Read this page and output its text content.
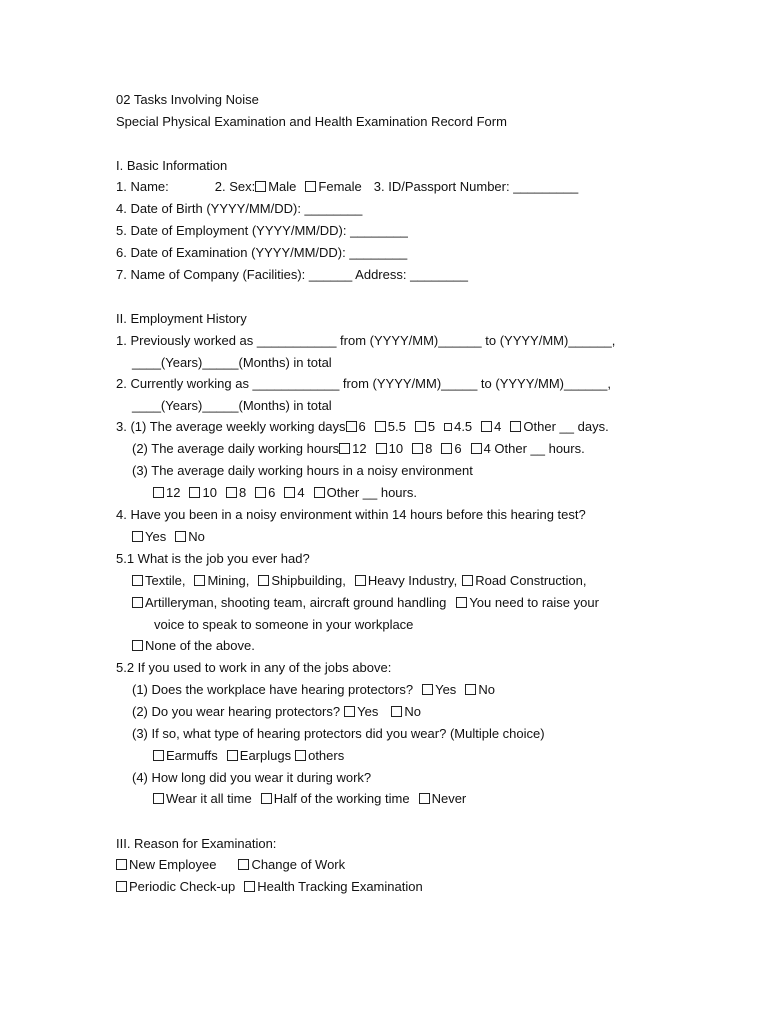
02 Tasks Involving Noise
Special Physical Examination and Health Examination Record Form
I. Basic Information
1. Name:	2. Sex: Male Female 3. ID/Passport Number: _________
4. Date of Birth (YYYY/MM/DD): ________
5. Date of Employment (YYYY/MM/DD): ________
6. Date of Examination (YYYY/MM/DD): ________
7. Name of Company (Facilities): ______ Address: ________
II. Employment History
1. Previously worked as ___________ from (YYYY/MM)______ to (YYYY/MM)______,
____(Years)_____(Months) in total
2. Currently working as ____________ from (YYYY/MM)_____ to (YYYY/MM)______,
____(Years)_____(Months) in total
3. (1) The average weekly working days 6 5.5 5 4.5 4 Other __ days.
(2) The average daily working hours 12 10 8 6 4 Other __ hours.
(3) The average daily working hours in a noisy environment
12 10 8 6 4 Other __ hours.
4. Have you been in a noisy environment within 14 hours before this hearing test?
Yes No
5.1 What is the job you ever had?
Textile, Mining, Shipbuilding, Heavy Industry, Road Construction,
Artilleryman, shooting team, aircraft ground handling You need to raise your
voice to speak to someone in your workplace
None of the above.
5.2 If you used to work in any of the jobs above:
(1) Does the workplace have hearing protectors? Yes No
(2) Do you wear hearing protectors? Yes No
(3) If so, what type of hearing protectors did you wear? (Multiple choice)
Earmuffs Earplugs others
(4) How long did you wear it during work?
Wear it all time Half of the working time Never
III. Reason for Examination:
New Employee	Change of Work
Periodic Check-up Health Tracking Examination
